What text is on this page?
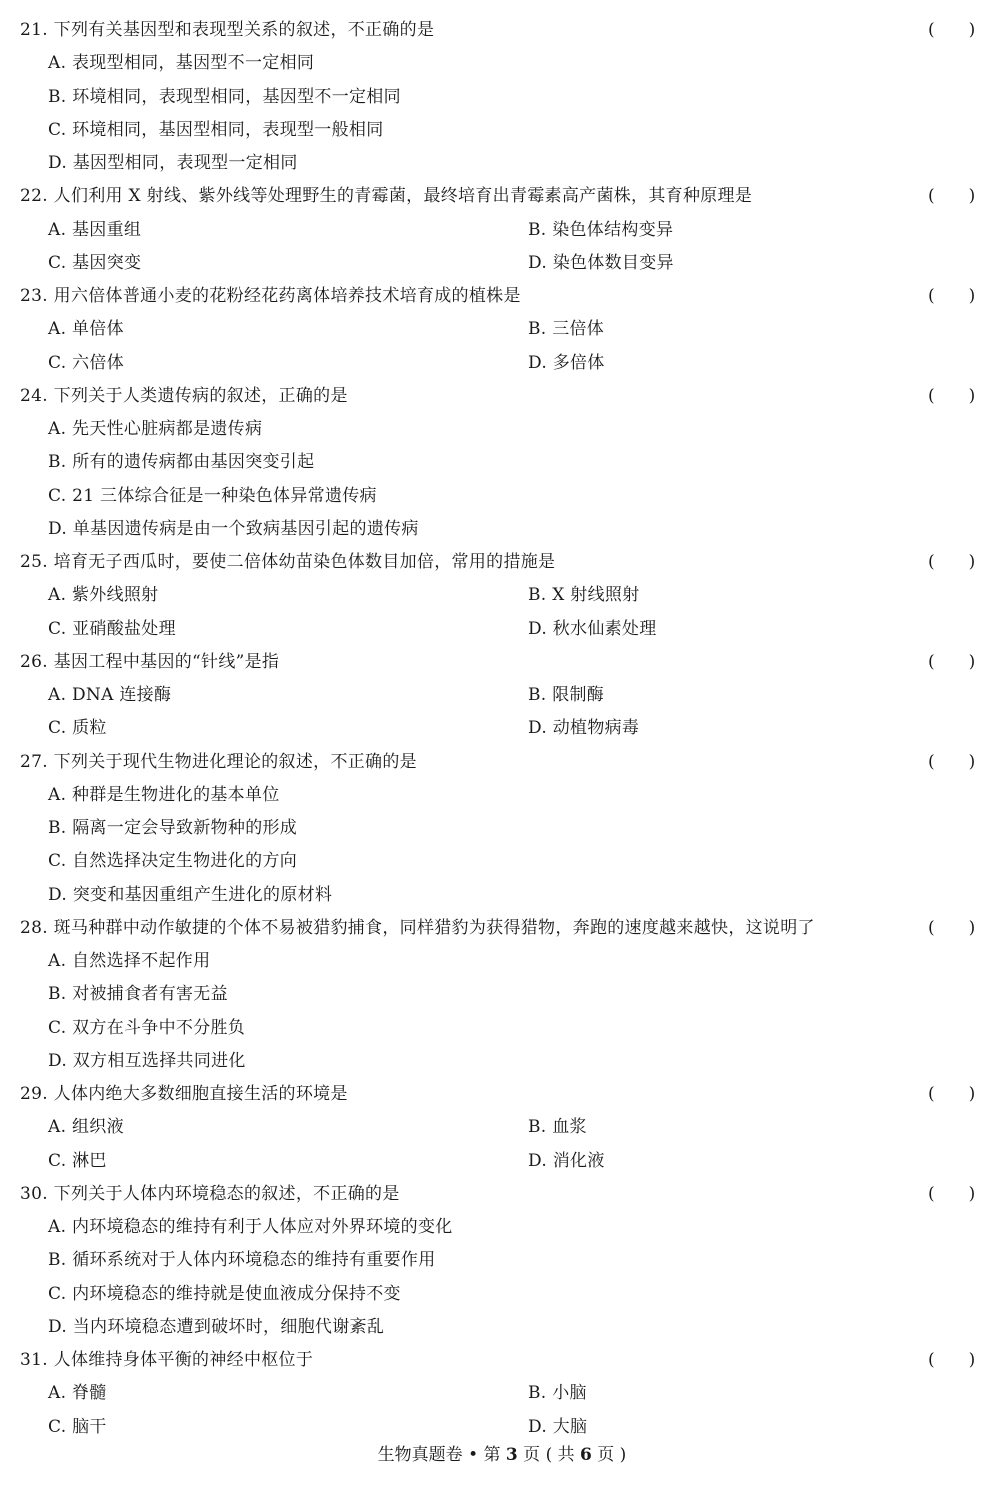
生物真题卷 • 第 3 页 ( 共 6 页 )
21. 下列有关基因型和表现型关系的叙述，不正确的是	(　　)
A. 表现型相同，基因型不一定相同
B. 环境相同，表现型相同，基因型不一定相同
C. 环境相同，基因型相同，表现型一般相同
D. 基因型相同，表现型一定相同
22. 人们利用 X 射线、紫外线等处理野生的青霉菌，最终培育出青霉素高产菌株，其育种原理是	(　　)
A. 基因重组	B. 染色体结构变异
C. 基因突变	D. 染色体数目变异
23. 用六倍体普通小麦的花粉经花药离体培养技术培育成的植株是	(　　)
A. 单倍体	B. 三倍体
C. 六倍体	D. 多倍体
24. 下列关于人类遗传病的叙述，正确的是	(　　)
A. 先天性心脏病都是遗传病
B. 所有的遗传病都由基因突变引起
C. 21 三体综合征是一种染色体异常遗传病
D. 单基因遗传病是由一个致病基因引起的遗传病
25. 培育无子西瓜时，要使二倍体幼苗染色体数目加倍，常用的措施是	(　　)
A. 紫外线照射	B. X 射线照射
C. 亚硝酸盐处理	D. 秋水仙素处理
26. 基因工程中基因的“针线”是指	(　　)
A. DNA 连接酶	B. 限制酶
C. 质粒	D. 动植物病毒
27. 下列关于现代生物进化理论的叙述，不正确的是	(　　)
A. 种群是生物进化的基本单位
B. 隔离一定会导致新物种的形成
C. 自然选择决定生物进化的方向
D. 突变和基因重组产生进化的原材料
28. 斑马种群中动作敏捷的个体不易被猎豹捕食，同样猎豹为获得猎物，奔跑的速度越来越快，这说明了	(　　)
A. 自然选择不起作用
B. 对被捕食者有害无益
C. 双方在斗争中不分胜负
D. 双方相互选择共同进化
29. 人体内绝大多数细胞直接生活的环境是	(　　)
A. 组织液	B. 血浆
C. 淋巴	D. 消化液
30. 下列关于人体内环境稳态的叙述，不正确的是	(　　)
A. 内环境稳态的维持有利于人体应对外界环境的变化
B. 循环系统对于人体内环境稳态的维持有重要作用
C. 内环境稳态的维持就是使血液成分保持不变
D. 当内环境稳态遭到破坏时，细胞代谢紊乱
31. 人体维持身体平衡的神经中枢位于	(　　)
A. 脊髓	B. 小脑
C. 脑干	D. 大脑
